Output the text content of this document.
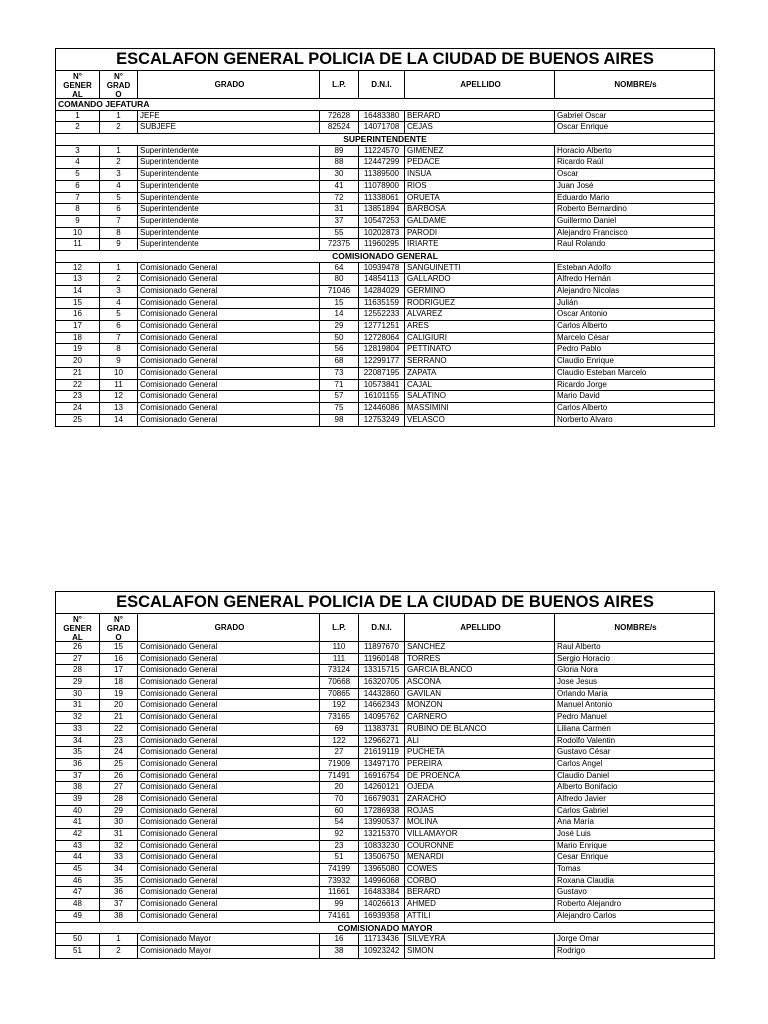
ESCALAFON GENERAL POLICIA DE LA CIUDAD DE BUENOS AIRES
N°
GENER
AL
N°
GRAD
O
GRADO	L.P.	D.N.I.	APELLIDO	NOMBRE/s
COMANDO JEFATURA
1	1	JEFE	72628	16483380 BERARD	Gabriel Oscar
2	2	SUBJEFE	82524	14071708 CEJAS	Oscar Enrique
SUPERINTENDENTE
3	1	Superintendente	89	11224570	GIMENEZ	Horacio Alberto
4	2	Superintendente	88	12447299 PEDACE	Ricardo Raúl
5	3	Superintendente	30	11389500	INSUA	Oscar
6	4	Superintendente	41	11078900	RIOS	Juan José
7	5	Superintendente	72	11338061	ORUETA	Eduardo Mario
8	6	Superintendente	31	13851894 BARBOSA	Roberto Bernardino
9	7	Superintendente	37	10547253 GALDAME	Guillermo Daniel
10	8	Superintendente	55	10202873 PARODI	Alejandro Francisco
11	9	Superintendente	72375	11960295	IRIARTE	Raul Rolando
COMISIONADO GENERAL
12	1	Comisionado General	64	10939478 SANGUINETTI	Esteban Adolfo
13	2	Comisionado General	80	14854113	GALLARDO	Alfredo Hernán
14	3	Comisionado General	71046	14284029 GERMINO	Alejandro Nicolas
15	4	Comisionado General	15	11635159	RODRIGUEZ	Julián
16	5	Comisionado General	14	12552233 ALVAREZ	Oscar Antonio
17	6	Comisionado General	29	12771251 ARES	Carlos Alberto
18	7	Comisionado General	50	12728064 CALIGIURI	Marcelo César
19	8	Comisionado General	56	12819804 PETTINATO	Pedro Pablo
20	9	Comisionado General	68	12299177 SERRANO	Claudio Enrique
21	10	Comisionado General	73	22087195 ZAPATA	Claudio Esteban Marcelo
22	11	Comisionado General	71	10573841 CAJAL	Ricardo Jorge
23	12	Comisionado General	57	16101155	SALATINO	Mario David
24	13	Comisionado General	75	12446086 MASSIMINI	Carlos Alberto
25	14	Comisionado General	98	12753249 VELASCO	Norberto Alvaro
ESCALAFON GENERAL POLICIA DE LA CIUDAD DE BUENOS AIRES
N°
GENER
AL
N°
GRAD
O
GRADO	L.P.	D.N.I.	APELLIDO	NOMBRE/s
26	15	Comisionado General	110	11897670	SANCHEZ	Raul Alberto
27	16	Comisionado General	111	11960148	TORRES	Sergio Horacio
28	17	Comisionado General	73124	13315715 GARCIA BLANCO	Gloria Nora
29	18	Comisionado General	70668	16320705 ASCONA	Jose Jesus
30	19	Comisionado General	70865	14432860 GAVILAN	Orlando Maria
31	20	Comisionado General	192	14662343 MONZON	Manuel Antonio
32	21	Comisionado General	73165	14095762 CARNERO	Pedro Manuel
33	22	Comisionado General	69	11383731	RUBINO DE BLANCO	Liliana Carmen
34	23	Comisionado General	122	12966271 ALI	Rodolfo Valentin
35	24	Comisionado General	27	21619119	PUCHETA	Gustavo César
36	25	Comisionado General	71909	13497170 PEREIRA	Carlos Angel
37	26	Comisionado General	71491	16916754 DE PROENCA	Claudio Daniel
38	27	Comisionado General	20	14260121 OJEDA	Alberto Bonifacio
39	28	Comisionado General	70	16679031 ZARACHO	Alfredo Javier
40	29	Comisionado General	60	17286938 ROJAS	Carlos Gabriel
41	30	Comisionado General	54	13990537 MOLINA	Ana María
42	31	Comisionado General	92	13215370 VILLAMAYOR	José Luis
43	32	Comisionado General	23	10833230 COURONNE	Mario Enrique
44	33	Comisionado General	51	13506750 MENARDI	Cesar Enrique
45	34	Comisionado General	74199	13965080 COWES	Tomas
46	35	Comisionado General	73932	14996068 CORBO	Roxana Claudia
47	36	Comisionado General	11661	16483384 BERARD	Gustavo
48	37	Comisionado General	99	14026613 AHMED	Roberto Alejandro
49	38	Comisionado General	74161	16939358 ATTILI	Alejandro Carlos
COMISIONADO MAYOR
50	1	Comisionado Mayor	16	11713436	SILVEYRA	Jorge Omar
51	2	Comisionado Mayor	38	10923242 SIMON	Rodrigo
